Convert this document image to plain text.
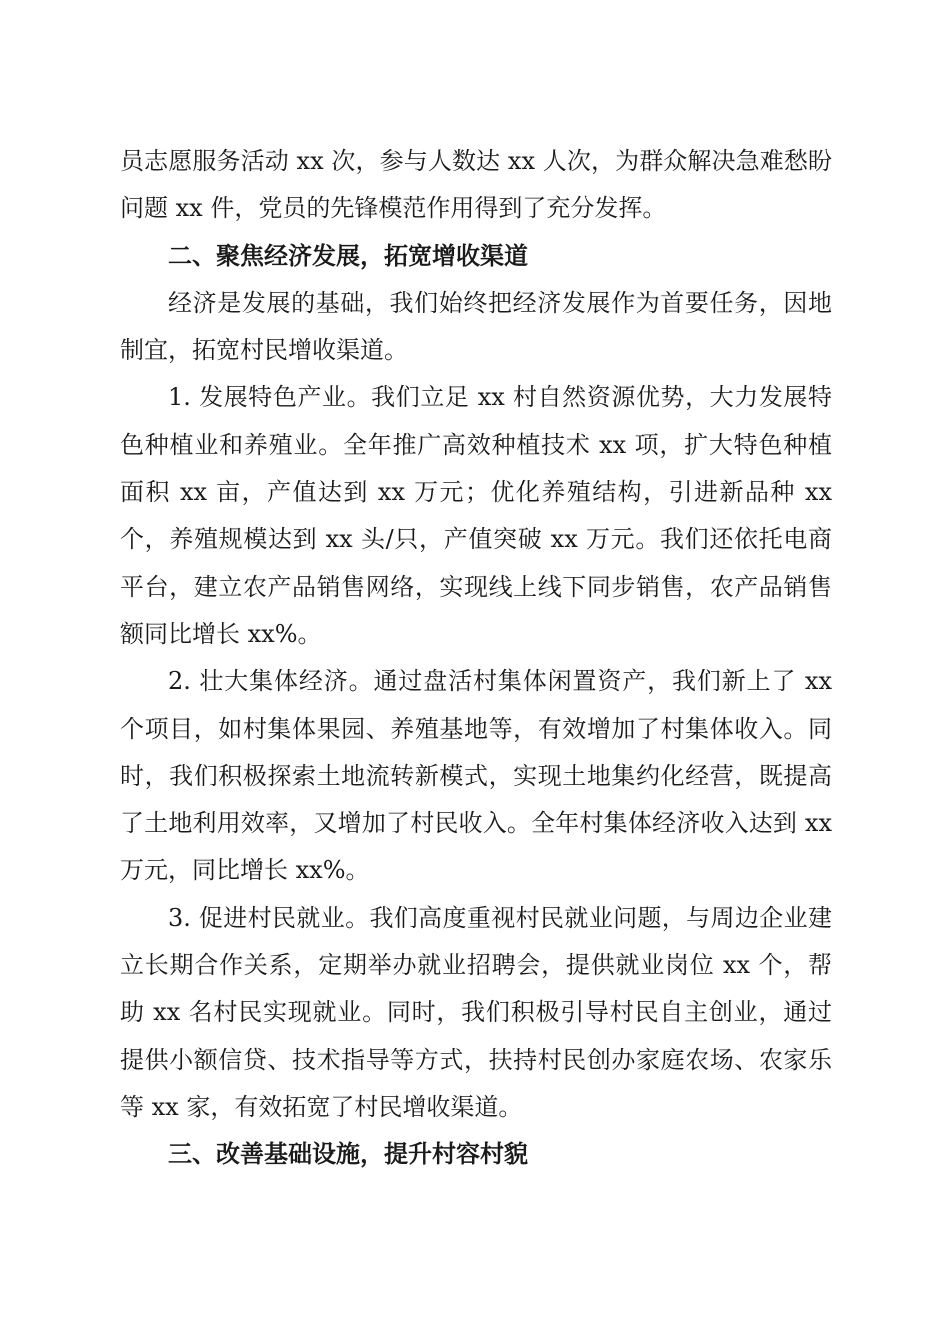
员志愿服务活动 xx 次，参与人数达 xx 人次，为群众解决急难愁盼问题 xx 件，党员的先锋模范作用得到了充分发挥。

二、聚焦经济发展，拓宽增收渠道

经济是发展的基础，我们始终把经济发展作为首要任务，因地制宜，拓宽村民增收渠道。

1. 发展特色产业。我们立足 xx 村自然资源优势，大力发展特色种植业和养殖业。全年推广高效种植技术 xx 项，扩大特色种植面积 xx 亩，产值达到 xx 万元；优化养殖结构，引进新品种 xx 个，养殖规模达到 xx 头/只，产值突破 xx 万元。我们还依托电商平台，建立农产品销售网络，实现线上线下同步销售，农产品销售额同比增长 xx%。

2. 壮大集体经济。通过盘活村集体闲置资产，我们新上了 xx 个项目，如村集体果园、养殖基地等，有效增加了村集体收入。同时，我们积极探索土地流转新模式，实现土地集约化经营，既提高了土地利用效率，又增加了村民收入。全年村集体经济收入达到 xx 万元，同比增长 xx%。

3. 促进村民就业。我们高度重视村民就业问题，与周边企业建立长期合作关系，定期举办就业招聘会，提供就业岗位 xx 个，帮助 xx 名村民实现就业。同时，我们积极引导村民自主创业，通过提供小额信贷、技术指导等方式，扶持村民创办家庭农场、农家乐等 xx 家，有效拓宽了村民增收渠道。

三、改善基础设施，提升村容村貌
